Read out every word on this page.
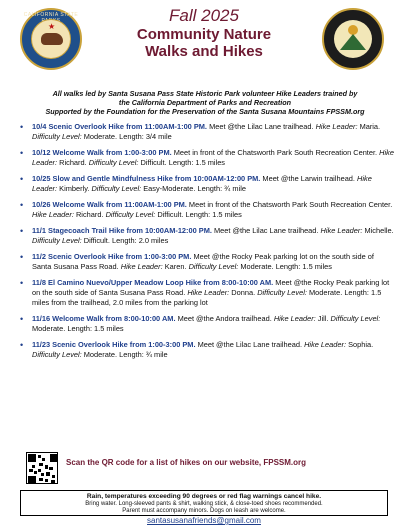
CALIFORNIA STATE
★
Fall 2025
Community Nature
Walks and Hikes
All walks led by Santa Susana Pass State Historic Park volunteer Hike Leaders trained by
the California Department of Parks and Recreation
Supported by the Foundation for the Preservation of the Santa Susana Mountains FPSSM.org
• 10/4 Scenic Overlook Hike from 11:00AM-1:00 PM. Meet @the Lilac Lane trailhead. Hike Leader: Maria. Difficulty Level: Moderate. Length: 3/4 mile
• 10/12 Welcome Walk from 1:00-3:00 PM. Meet in front of the Chatsworth Park South Recreation Center. Hike Leader: Richard. Difficulty Level: Difficult. Length: 1.5 miles
• 10/25 Slow and Gentle Mindfulness Hike from 10:00AM-12:00 PM. Meet @the Larwin trailhead. Hike Leader: Kimberly. Difficulty Level: Easy-Moderate. Length: ¾ mile
• 10/26 Welcome Walk from 11:00AM-1:00 PM. Meet in front of the Chatsworth Park South Recreation Center. Hike Leader: Richard. Difficulty Level: Difficult. Length: 1.5 miles
• 11/1 Stagecoach Trail Hike from 10:00AM-12:00 PM. Meet @the Lilac Lane trailhead. Hike Leader: Michelle. Difficulty Level: Difficult. Length: 2.0 miles
• 11/2 Scenic Overlook Hike from 1:00-3:00 PM. Meet @the Rocky Peak parking lot on the south side of Santa Susana Pass Road. Hike Leader: Karen. Difficulty Level: Moderate. Length: 1.5 miles
• 11/8 El Camino Nuevo/Upper Meadow Loop Hike from 8:00-10:00 AM. Meet @the Rocky Peak parking lot on the south side of Santa Susana Pass Road. Hike Leader: Donna. Difficulty Level: Moderate. Length: 1.5 miles from the trailhead, 2.0 miles from the parking lot
• 11/16 Welcome Walk from 8:00-10:00 AM. Meet @the Andora trailhead. Hike Leader: Jill. Difficulty Level: Moderate. Length: 1.5 miles
• 11/23 Scenic Overlook Hike from 1:00-3:00 PM. Meet @the Lilac Lane trailhead. Hike Leader: Sophia. Difficulty Level: Moderate. Length: ¾ mile
Scan the QR code for a list of hikes on our website, FPSSM.org
Rain, temperatures exceeding 90 degrees or red flag warnings cancel hike.
Bring water. Long-sleeved pants & shirt, walking stick, & close-toed shoes recommended.
Parent must accompany minors. Dogs on leash are welcome.
santasusanafriends@gmail.com
